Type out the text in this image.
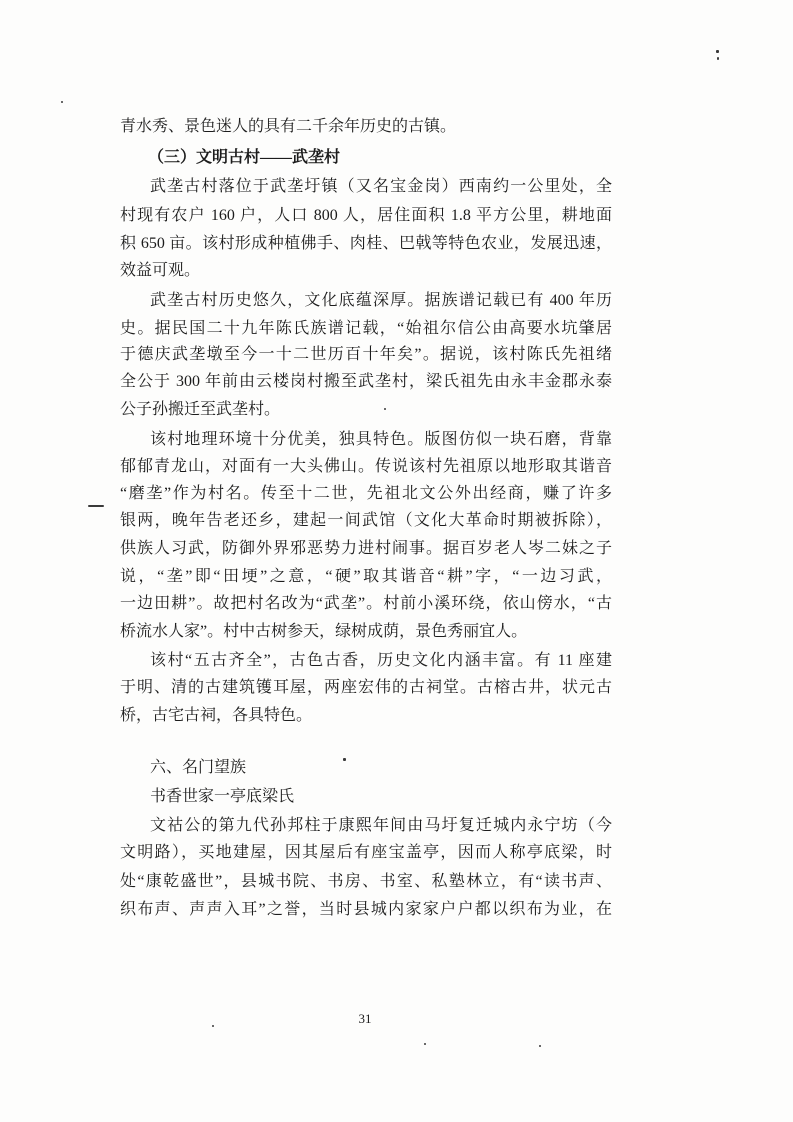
青水秀、景色迷人的具有二千余年历史的古镇。
（三）文明古村——武垄村
武垄古村落位于武垄圩镇（又名宝金岗）西南约一公里处，全
村现有农户 160 户，人口 800 人，居住面积 1.8 平方公里，耕地面
积 650 亩。该村形成种植佛手、肉桂、巴戟等特色农业，发展迅速，
效益可观。
武垄古村历史悠久，文化底蕴深厚。据族谱记载已有 400 年历
史。据民国二十九年陈氏族谱记载，“始祖尔信公由高要水坑肇居
于德庆武垄墩至今一十二世历百十年矣”。据说，该村陈氏先祖绪
全公于 300 年前由云楼岗村搬至武垄村，梁氏祖先由永丰金郡永泰
公子孙搬迁至武垄村。
该村地理环境十分优美，独具特色。版图仿似一块石磨，背靠
郁郁青龙山，对面有一大头佛山。传说该村先祖原以地形取其谐音
“磨垄”作为村名。传至十二世，先祖北文公外出经商，赚了许多
银两，晚年告老还乡，建起一间武馆（文化大革命时期被拆除），
供族人习武，防御外界邪恶势力进村闹事。据百岁老人岑二妹之子
说，“垄”即“田埂”之意，“硬”取其谐音“耕”字，“一边习武，
一边田耕”。故把村名改为“武垄”。村前小溪环绕，依山傍水，“古
桥流水人家”。村中古树参天，绿树成荫，景色秀丽宜人。
该村“五古齐全”，古色古香，历史文化内涵丰富。有 11 座建
于明、清的古建筑镬耳屋，两座宏伟的古祠堂。古榕古井，状元古
桥，古宅古祠，各具特色。
六、名门望族
书香世家一亭底梁氏
文祜公的第九代孙邦柱于康熙年间由马圩复迁城内永宁坊（今
文明路），买地建屋，因其屋后有座宝盖亭，因而人称亭底梁，时
处“康乾盛世”，县城书院、书房、书室、私塾林立，有“读书声、
织布声、声声入耳”之誉，当时县城内家家户户都以织布为业，在
31
